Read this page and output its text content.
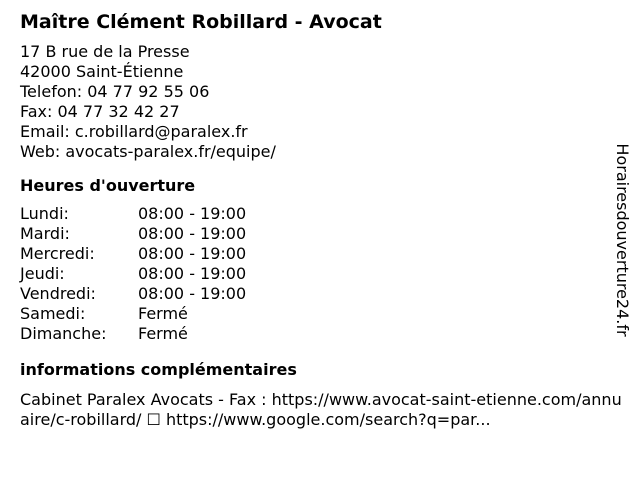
Maître Clément Robillard - Avocat
17 B rue de la Presse
42000 Saint-Étienne
Telefon: 04 77 92 55 06
Fax: 04 77 32 42 27
Email: c.robillard@paralex.fr
Web: avocats-paralex.fr/equipe/
Heures d'ouverture
Lundi:	08:00 - 19:00
Mardi:	08:00 - 19:00
Mercredi:	08:00 - 19:00
Jeudi:	08:00 - 19:00
Vendredi:	08:00 - 19:00
Samedi:	Fermé
Dimanche:	Fermé
informations complémentaires
Cabinet Paralex Avocats - Fax : https://www.avocat-saint-etienne.com/annuaire/c-robillard/ ☐ https://www.google.com/search?q=par...
Horairesdouverture24.fr
